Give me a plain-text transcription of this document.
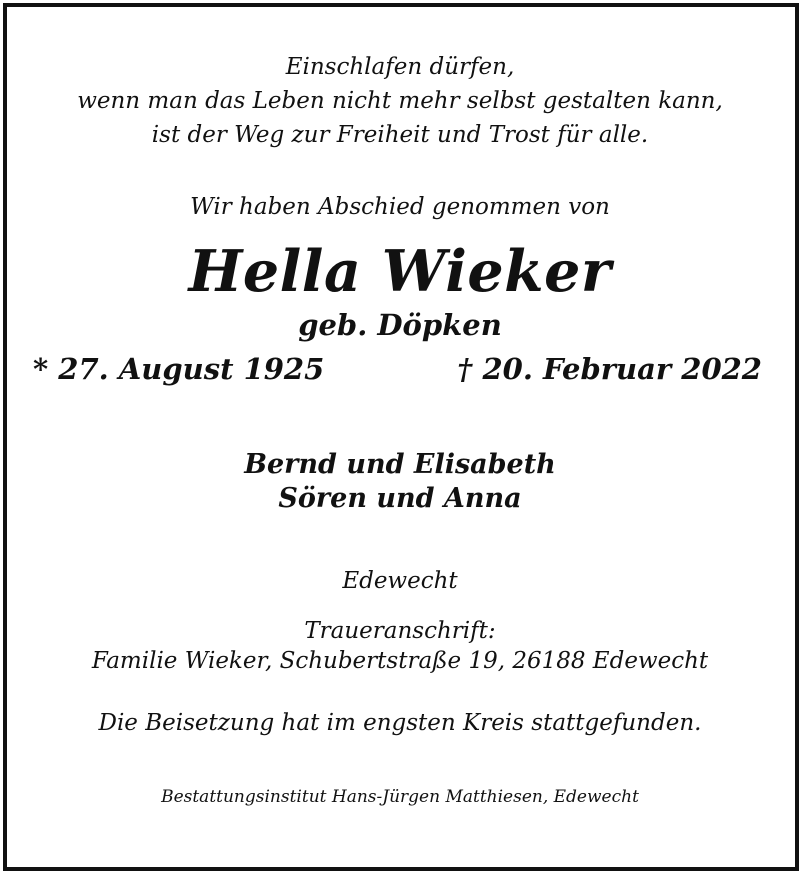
Einschlafen dürfen,
wenn man das Leben nicht mehr selbst gestalten kann,
ist der Weg zur Freiheit und Trost für alle.
Wir haben Abschied genommen von
Hella Wieker
geb. Döpken
* 27. August 1925	† 20. Februar 2022
Bernd und Elisabeth
Sören und Anna
Edewecht
Traueranschrift:
Familie Wieker, Schubertstraße 19, 26188 Edewecht
Die Beisetzung hat im engsten Kreis stattgefunden.
Bestattungsinstitut Hans-Jürgen Matthiesen, Edewecht
